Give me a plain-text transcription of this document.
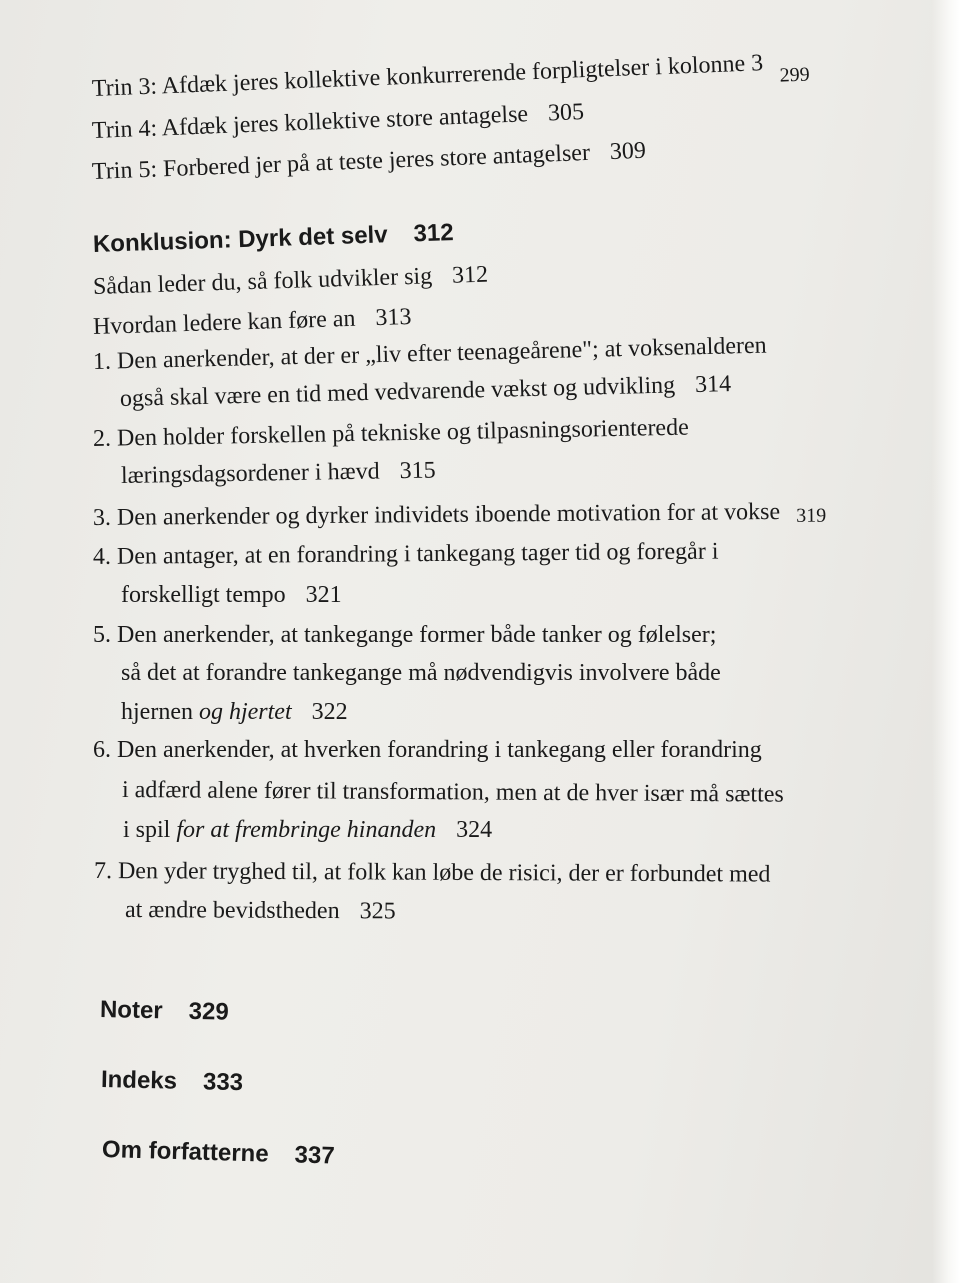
Trin 3: Afdæk jeres kollektive konkurrerende forpligtelser i kolonne 3 $_{299}$
Trin 4: Afdæk jeres kollektive store antagelse 305
Trin 5: Forbered jer på at teste jeres store antagelser 309
Konklusion: Dyrk det selv 312
Sådan leder du, så folk udvikler sig 312
Hvordan ledere kan føre an 313
1. Den anerkender, at der er „liv efter teenageårene"; at voksenalderen
også skal være en tid med vedvarende vækst og udvikling 314
2. Den holder forskellen på tekniske og tilpasningsorienterede
læringsdagsordener i hævd 315
3. Den anerkender og dyrker individets iboende motivation for at vokse 319
4. Den antager, at en forandring i tankegang tager tid og foregår i
forskelligt tempo 321
5. Den anerkender, at tankegange former både tanker og følelser;
så det at forandre tankegange må nødvendigvis involvere både
hjernen og hjertet 322
6. Den anerkender, at hverken forandring i tankegang eller forandring
i adfærd alene fører til transformation, men at de hver især må sættes
i spil for at frembringe hinanden 324
7. Den yder tryghed til, at folk kan løbe de risici, der er forbundet med
at ændre bevidstheden 325
Noter 329
Indeks 333
Om forfatterne 337
